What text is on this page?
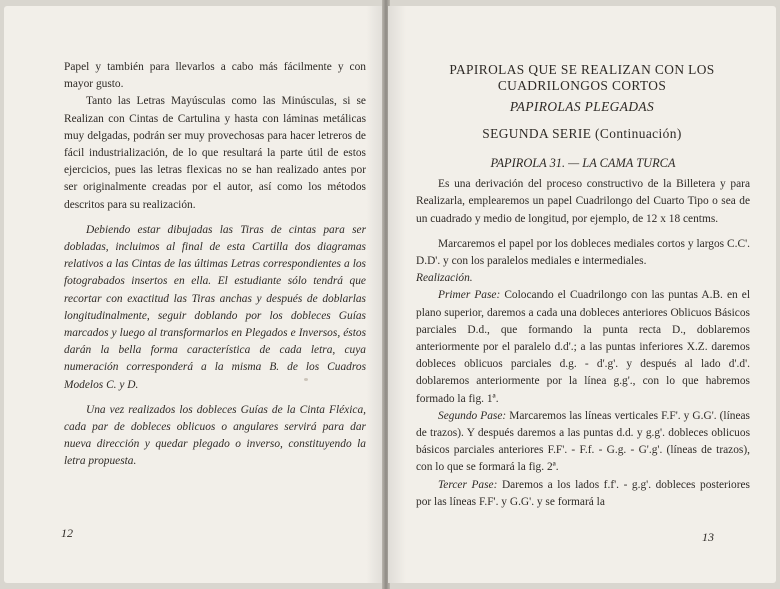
Papel y también para llevarlos a cabo más fácilmente y con mayor gusto.

Tanto las Letras Mayúsculas como las Minúsculas, si se Realizan con Cintas de Cartulina y hasta con láminas metálicas muy delgadas, podrán ser muy provechosas para hacer letreros de fácil industrialización, de lo que resultará la parte útil de estos ejercicios, pues las letras flexicas no se han realizado antes por ser originalmente creadas por el autor, así como los métodos descritos para su realización.

Debiendo estar dibujadas las Tiras de cintas para ser dobladas, incluimos al final de esta Cartilla dos diagramas relativos a las Cintas de las últimas Letras correspondientes a los fotograbados insertos en ella. El estudiante sólo tendrá que recortar con exactitud las Tiras anchas y después de doblarlas longitudinalmente, seguir doblando por los dobleces Guías marcados y luego al transformarlos en Plegados e Inversos, éstos darán la bella forma característica de cada letra, cuya numeración corresponderá a la misma B. de los Cuadros Modelos C. y D.

Una vez realizados los dobleces Guías de la Cinta Fléxica, cada par de dobleces oblicuos o angulares servirá para dar nueva dirección y quedar plegado o inverso, constituyendo la letra propuesta.

12
PAPIROLAS QUE SE REALIZAN CON LOS
CUADRILONGOS CORTOS
PAPIROLAS PLEGADAS
SEGUNDA SERIE (Continuación)

PAPIROLA 31. — LA CAMA TURCA

Es una derivación del proceso constructivo de la Billetera y para Realizarla, emplearemos un papel Cuadrilongo del Cuarto Tipo o sea de un cuadrado y medio de longitud, por ejemplo, de 12 x 18 centms.

Marcaremos el papel por los dobleces mediales cortos y largos C.C'. D.D'. y con los paralelos mediales e intermediales.

Realización.

Primer Pase: Colocando el Cuadrilongo con las puntas A.B. en el plano superior, daremos a cada una dobleces anteriores Oblicuos Básicos parciales D.d., que formando la punta recta D., doblaremos anteriormente por el paralelo d.d'.; a las puntas inferiores X.Z. daremos dobleces oblicuos parciales d.g. - d'.g'. y después al lado d'.d'. doblaremos anteriormente por la línea g.g'., con lo que habremos formado la fig. 1ª.

Segundo Pase: Marcaremos las líneas verticales F.F'. y G.G'. (líneas de trazos). Y después daremos a las puntas d.d. y g.g'. dobleces oblicuos básicos parciales anteriores F.F'. - F.f. - G.g. - G'.g'. (líneas de trazos), con lo que se formará la fig. 2ª.

Tercer Pase: Daremos a los lados f.f'. - g.g'. dobleces posteriores por las líneas F.F'. y G.G'. y se formará la

13
